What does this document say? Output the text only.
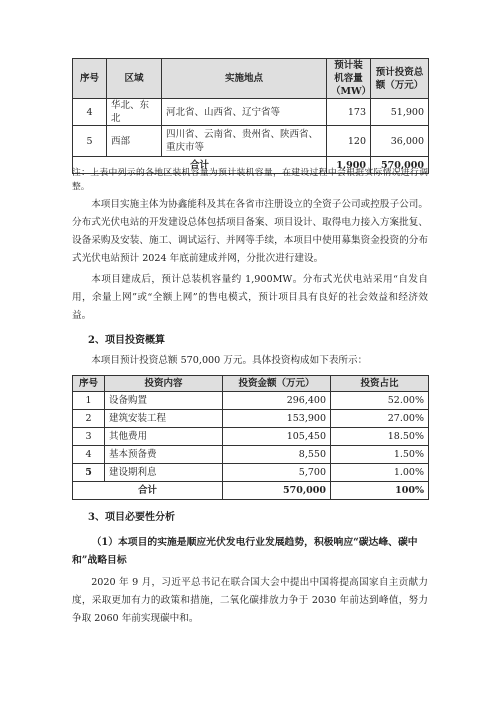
序号	区域	实施地点	预计装机容量（MW）	预计投资总额（万元）
4	华北、东北	河北省、山西省、辽宁省等	173	51,900
5	西部	四川省、云南省、贵州省、陕西省、重庆市等	120	36,000
合计			1,900	570,000

注：上表中列示的各地区装机容量为预计装机容量，在建设过程中会根据实际情况进行调整。

本项目实施主体为协鑫能科及其在各省市注册设立的全资子公司或控股子公司。分布式光伏电站的开发建设总体包括项目备案、项目设计、取得电力接入方案批复、设备采购及安装、施工、调试运行、并网等手续，本项目中使用募集资金投资的分布式光伏电站预计 2024 年底前建成并网，分批次进行建设。

本项目建成后，预计总装机容量约 1,900MW。分布式光伏电站采用“自发自用，余量上网”或“全额上网”的售电模式，预计项目具有良好的社会效益和经济效益。

2、项目投资概算

本项目预计投资总额 570,000 万元。具体投资构成如下表所示：

序号	投资内容	投资金额（万元）	投资占比
1	设备购置	296,400	52.00%
2	建筑安装工程	153,900	27.00%
3	其他费用	105,450	18.50%
4	基本预备费	8,550	1.50%
5	建设期利息	5,700	1.00%
合计		570,000	100%

3、项目必要性分析

（1）本项目的实施是顺应光伏发电行业发展趋势，积极响应“碳达峰、碳中和”战略目标

2020 年 9 月，习近平总书记在联合国大会中提出中国将提高国家自主贡献力度，采取更加有力的政策和措施，二氧化碳排放力争于 2030 年前达到峰值，努力争取 2060 年前实现碳中和。
